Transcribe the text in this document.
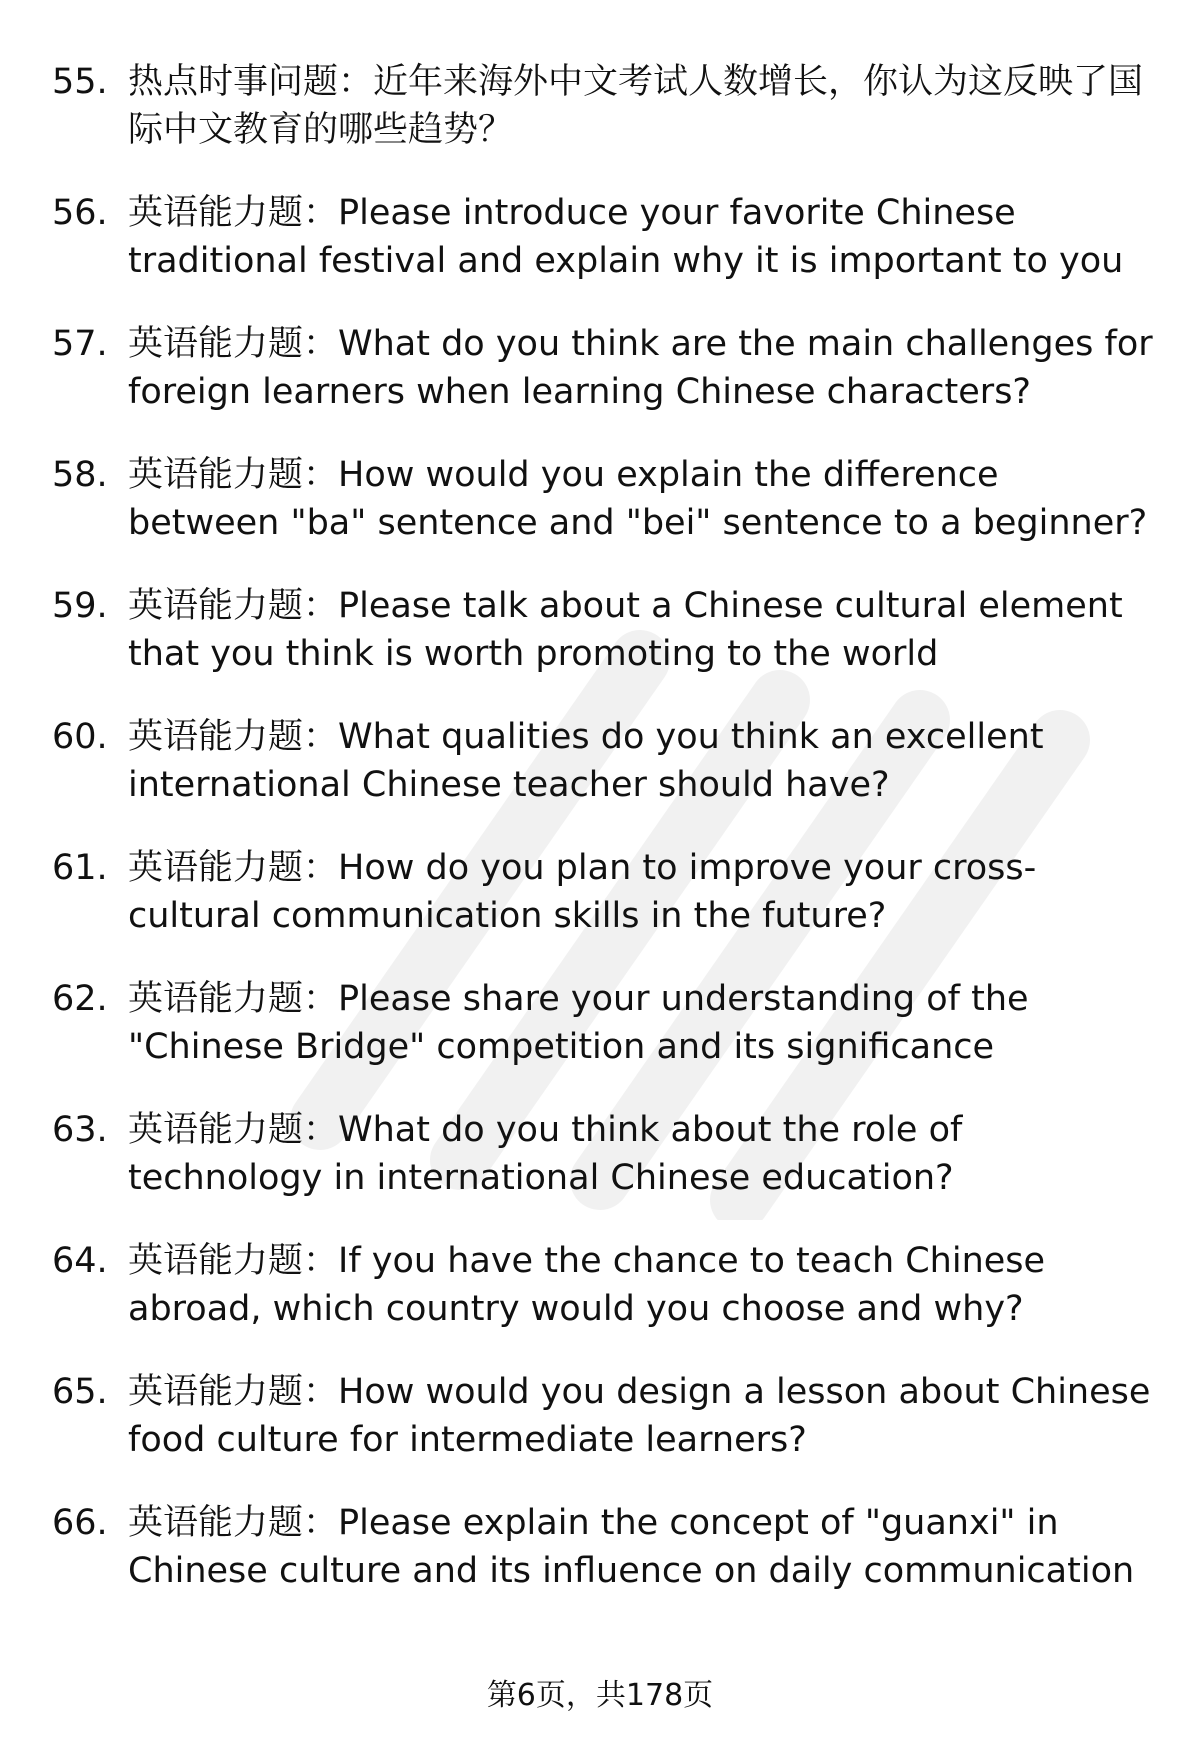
55. 热点时事问题：近年来海外中文考试人数增长，你认为这反映了国际中文教育的哪些趋势？
56. 英语能力题：Please introduce your favorite Chinese traditional festival and explain why it is important to you
57. 英语能力题：What do you think are the main challenges for foreign learners when learning Chinese characters?
58. 英语能力题：How would you explain the difference between "ba" sentence and "bei" sentence to a beginner?
59. 英语能力题：Please talk about a Chinese cultural element that you think is worth promoting to the world
60. 英语能力题：What qualities do you think an excellent international Chinese teacher should have?
61. 英语能力题：How do you plan to improve your cross-cultural communication skills in the future?
62. 英语能力题：Please share your understanding of the "Chinese Bridge" competition and its significance
63. 英语能力题：What do you think about the role of technology in international Chinese education?
64. 英语能力题：If you have the chance to teach Chinese abroad, which country would you choose and why?
65. 英语能力题：How would you design a lesson about Chinese food culture for intermediate learners?
66. 英语能力题：Please explain the concept of "guanxi" in Chinese culture and its influence on daily communication
第6页，共178页
